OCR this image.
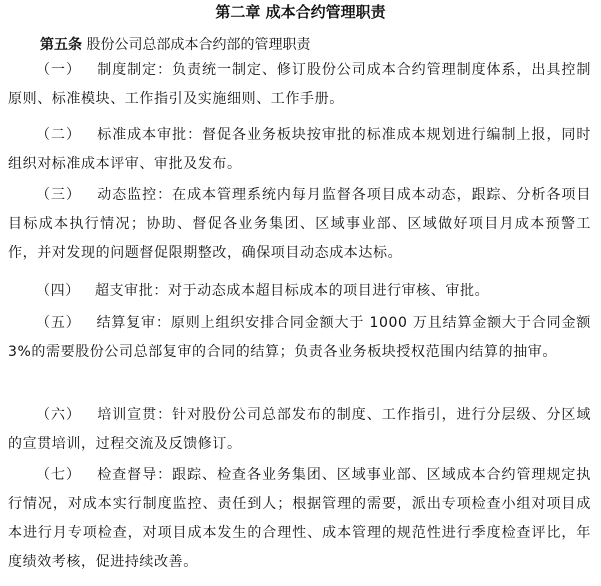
第二章 成本合约管理职责
第五条 股份公司总部成本合约部的管理职责

（一） 制度制定：负责统一制定、修订股份公司成本合约管理制度体系，出具控制原则、标准模块、工作指引及实施细则、工作手册。

（二） 标准成本审批：督促各业务板块按审批的标准成本规划进行编制上报，同时组织对标准成本评审、审批及发布。

（三） 动态监控：在成本管理系统内每月监督各项目成本动态，跟踪、分析各项目目标成本执行情况；协助、督促各业务集团、区域事业部、区域做好项目月成本预警工作，并对发现的问题督促限期整改，确保项目动态成本达标。

（四） 超支审批：对于动态成本超目标成本的项目进行审核、审批。

（五） 结算复审：原则上组织安排合同金额大于 1000 万且结算金额大于合同金额 3%的需要股份公司总部复审的合同的结算；负责各业务板块授权范围内结算的抽审。

（六） 培训宣贯：针对股份公司总部发布的制度、工作指引，进行分层级、分区域的宣贯培训，过程交流及反馈修订。

（七） 检查督导：跟踪、检查各业务集团、区域事业部、区域成本合约管理规定执行情况，对成本实行制度监控、责任到人；根据管理的需要，派出专项检查小组对项目成本进行月专项检查，对项目成本发生的合理性、成本管理的规范性进行季度检查评比，年度绩效考核，促进持续改善。
